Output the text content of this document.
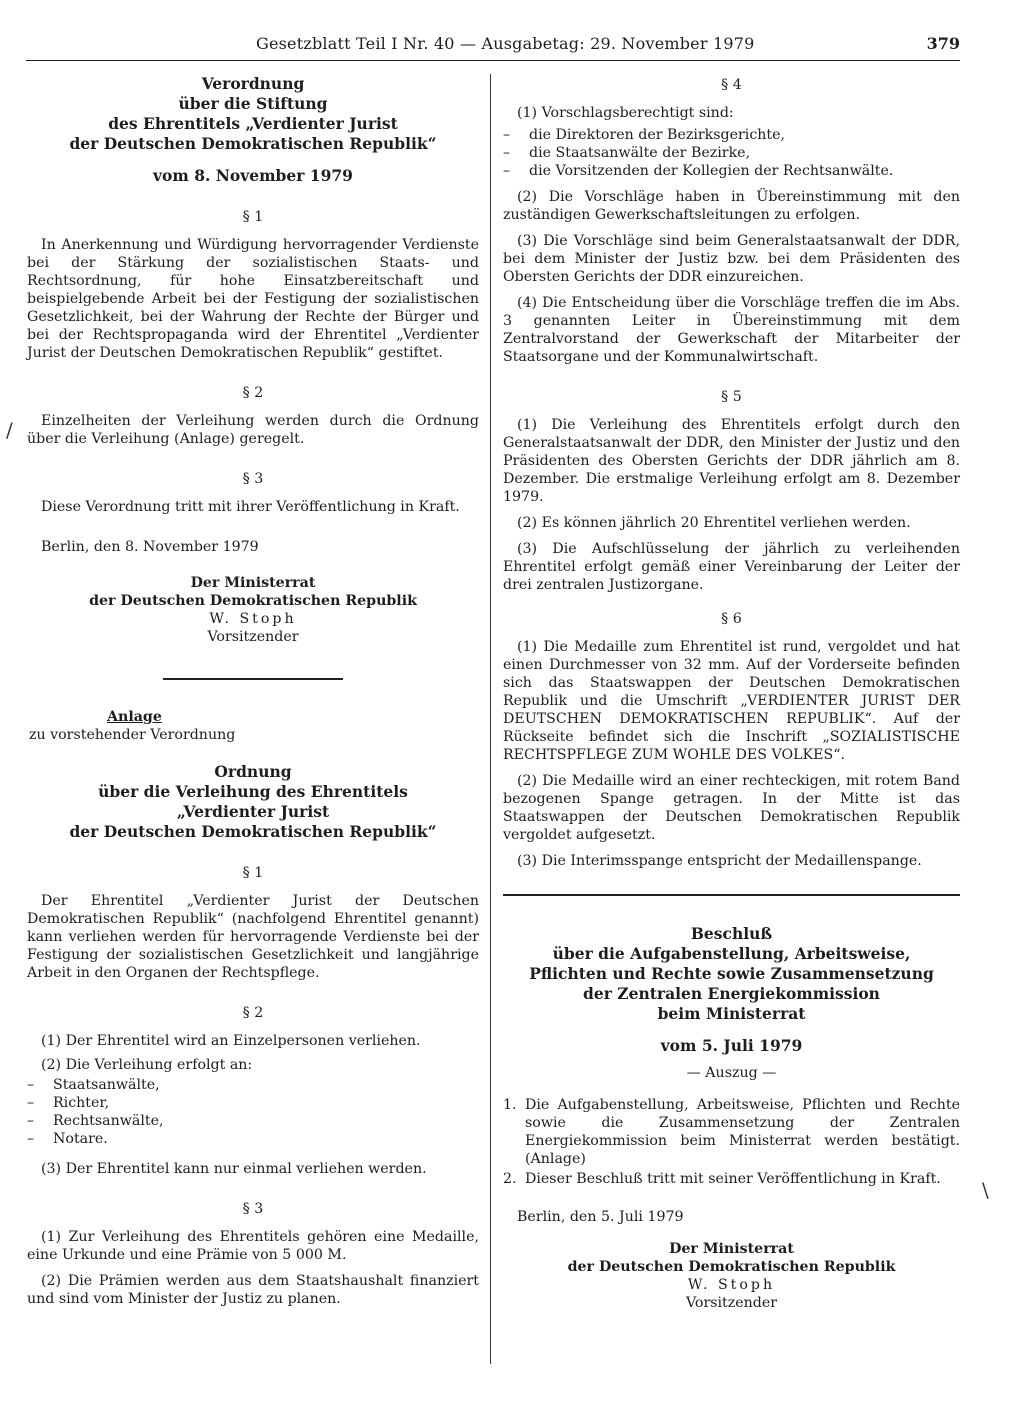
Gesetzblatt Teil I Nr. 40 — Ausgabetag: 29. November 1979	379
Verordnung
über die Stiftung
des Ehrentitels „Verdienter Jurist
der Deutschen Demokratischen Republik“
vom 8. November 1979
§ 1

In Anerkennung und Würdigung hervorragender Verdienste bei der Stärkung der sozialistischen Staats- und Rechtsordnung, für hohe Einsatzbereitschaft und beispielgebende Arbeit bei der Festigung der sozialistischen Gesetzlichkeit, bei der Wahrung der Rechte der Bürger und bei der Rechtspropaganda wird der Ehrentitel „Verdienter Jurist der Deutschen Demokratischen Republik“ gestiftet.

§ 2

Einzelheiten der Verleihung werden durch die Ordnung über die Verleihung (Anlage) geregelt.

§ 3

Diese Verordnung tritt mit ihrer Veröffentlichung in Kraft.

Berlin, den 8. November 1979

Der Ministerrat
der Deutschen Demokratischen Republik
W. Stoph
Vorsitzender
Anlage
zu vorstehender Verordnung
Ordnung
über die Verleihung des Ehrentitels
„Verdienter Jurist
der Deutschen Demokratischen Republik“
§ 1

Der Ehrentitel „Verdienter Jurist der Deutschen Demokratischen Republik“ (nachfolgend Ehrentitel genannt) kann verliehen werden für hervorragende Verdienste bei der Festigung der sozialistischen Gesetzlichkeit und langjährige Arbeit in den Organen der Rechtspflege.

§ 2

(1) Der Ehrentitel wird an Einzelpersonen verliehen.

(2) Die Verleihung erfolgt an:

–	Staatsanwälte,
–	Richter,
–	Rechtsanwälte,
–	Notare.

(3) Der Ehrentitel kann nur einmal verliehen werden.

§ 3

(1) Zur Verleihung des Ehrentitels gehören eine Medaille, eine Urkunde und eine Prämie von 5 000 M.

(2) Die Prämien werden aus dem Staatshaushalt finanziert und sind vom Minister der Justiz zu planen.

§ 4

(1) Vorschlagsberechtigt sind:

–	die Direktoren der Bezirksgerichte,
–	die Staatsanwälte der Bezirke,
–	die Vorsitzenden der Kollegien der Rechtsanwälte.

(2) Die Vorschläge haben in Übereinstimmung mit den zuständigen Gewerkschaftsleitungen zu erfolgen.

(3) Die Vorschläge sind beim Generalstaatsanwalt der DDR, bei dem Minister der Justiz bzw. bei dem Präsidenten des Obersten Gerichts der DDR einzureichen.

(4) Die Entscheidung über die Vorschläge treffen die im Abs. 3 genannten Leiter in Übereinstimmung mit dem Zentralvorstand der Gewerkschaft der Mitarbeiter der Staatsorgane und der Kommunalwirtschaft.

§ 5

(1) Die Verleihung des Ehrentitels erfolgt durch den Generalstaatsanwalt der DDR, den Minister der Justiz und den Präsidenten des Obersten Gerichts der DDR jährlich am 8. Dezember. Die erstmalige Verleihung erfolgt am 8. Dezember 1979.

(2) Es können jährlich 20 Ehrentitel verliehen werden.

(3) Die Aufschlüsselung der jährlich zu verleihenden Ehrentitel erfolgt gemäß einer Vereinbarung der Leiter der drei zentralen Justizorgane.

§ 6

(1) Die Medaille zum Ehrentitel ist rund, vergoldet und hat einen Durchmesser von 32 mm. Auf der Vorderseite befinden sich das Staatswappen der Deutschen Demokratischen Republik und die Umschrift „VERDIENTER JURIST DER DEUTSCHEN DEMOKRATISCHEN REPUBLIK“. Auf der Rückseite befindet sich die Inschrift „SOZIALISTISCHE RECHTSPFLEGE ZUM WOHLE DES VOLKES“.

(2) Die Medaille wird an einer rechteckigen, mit rotem Band bezogenen Spange getragen. In der Mitte ist das Staatswappen der Deutschen Demokratischen Republik vergoldet aufgesetzt.

(3) Die Interimsspange entspricht der Medaillenspange.

Beschluß
über die Aufgabenstellung, Arbeitsweise,
Pflichten und Rechte sowie Zusammensetzung
der Zentralen Energiekommission
beim Ministerrat
vom 5. Juli 1979
— Auszug —
1. Die Aufgabenstellung, Arbeitsweise, Pflichten und Rechte sowie die Zusammensetzung der Zentralen Energiekommission beim Ministerrat werden bestätigt. (Anlage)
2. Dieser Beschluß tritt mit seiner Veröffentlichung in Kraft.

Berlin, den 5. Juli 1979

Der Ministerrat
der Deutschen Demokratischen Republik
W. Stoph
Vorsitzender
/
\
